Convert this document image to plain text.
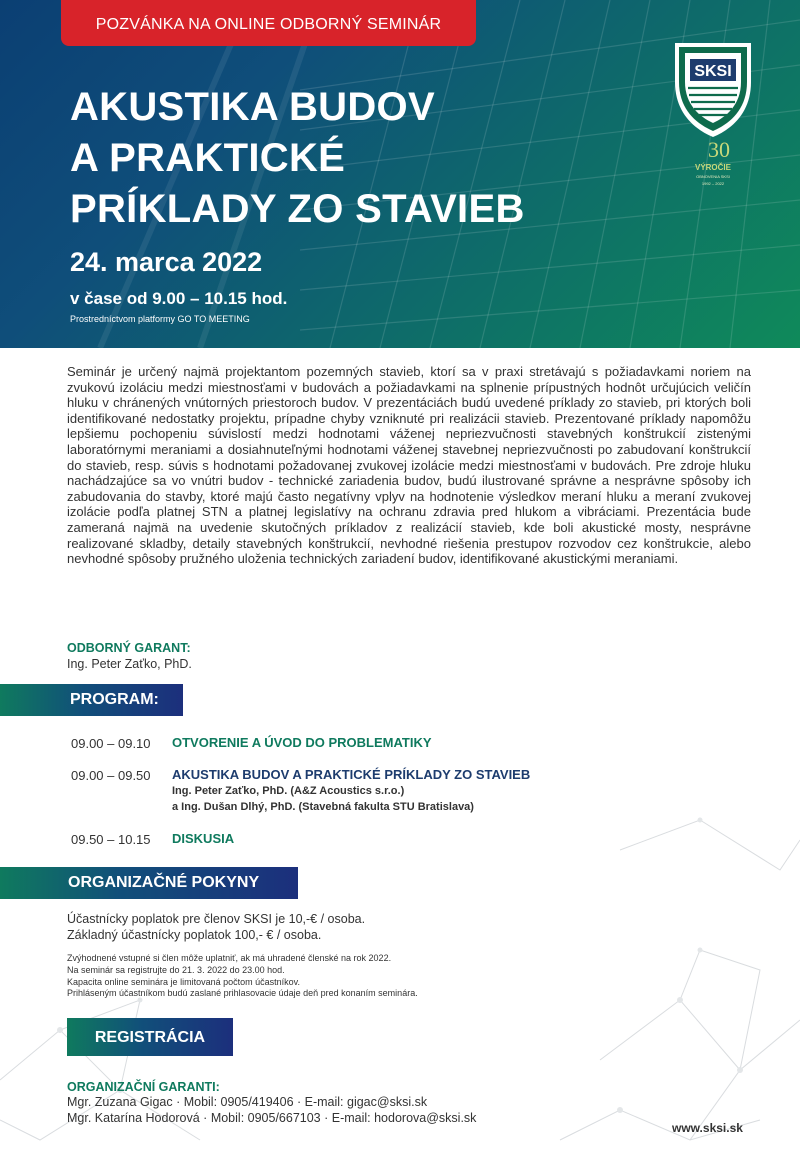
POZVÁNKA NA ONLINE ODBORNÝ SEMINÁR
AKUSTIKA BUDOV
A PRAKTICKÉ
PRÍKLADY ZO STAVIEB
24. marca 2022
v čase od 9.00 – 10.15 hod.
Prostredníctvom platformy GO TO MEETING
SKSI
30
VÝROČIE
OBNOVENIA SKSI
1992 – 2022

Seminár je určený najmä projektantom pozemných stavieb, ktorí sa v praxi stretávajú s požiadavkami noriem na zvukovú izoláciu medzi miestnosťami v budovách a požiadavkami na splnenie prípustných hodnôt určujúcich veličín hluku v chránených vnútorných priestoroch budov. V prezentáciách budú uvedené príklady zo stavieb, pri ktorých boli identifikované nedostatky projektu, prípadne chyby vzniknuté pri realizácii stavieb. Prezentované príklady napomôžu lepšiemu pochopeniu súvislostí medzi hodnotami váženej nepriezvučnosti stavebných konštrukcií zistenými laboratórnymi meraniami a dosiahnuteľnými hodnotami váženej stavebnej nepriezvučnosti po zabudovaní konštrukcií do stavieb, resp. súvis s hodnotami požadovanej zvukovej izolácie medzi miestnosťami v budovách. Pre zdroje hluku nachádzajúce sa vo vnútri budov - technické zariadenia budov, budú ilustrované správne a nesprávne spôsoby ich zabudovania do stavby, ktoré majú často negatívny vplyv na hodnotenie výsledkov meraní hluku a meraní zvukovej izolácie podľa platnej STN a platnej legislatívy na ochranu zdravia pred hlukom a vibráciami. Prezentácia bude zameraná najmä na uvedenie skutočných príkladov z realizácií stavieb, kde boli akustické mosty, nesprávne realizované skladby, detaily stavebných konštrukcií, nevhodné riešenia prestupov rozvodov cez konštrukcie, alebo nevhodné spôsoby pružného uloženia technických zariadení budov, identifikované akustickými meraniami.

ODBORNÝ GARANT:
Ing. Peter Zaťko, PhD.
PROGRAM:
09.00 – 09.10 OTVORENIE A ÚVOD DO PROBLEMATIKY
09.00 – 09.50 AKUSTIKA BUDOV A PRAKTICKÉ PRÍKLADY ZO STAVIEB
Ing. Peter Zaťko, PhD. (A&Z Acoustics s.r.o.)
a Ing. Dušan Dlhý, PhD. (Stavebná fakulta STU Bratislava)
09.50 – 10.15 DISKUSIA
ORGANIZAČNÉ POKYNY
Účastnícky poplatok pre členov SKSI je 10,-€ / osoba.
Základný účastnícky poplatok 100,- € / osoba.
Zvýhodnené vstupné si člen môže uplatniť, ak má uhradené členské na rok 2022.
Na seminár sa registrujte do 21. 3. 2022 do 23.00 hod.
Kapacita online seminára je limitovaná počtom účastníkov.
Prihláseným účastníkom budú zaslané prihlasovacie údaje deň pred konaním seminára.
REGISTRÁCIA
ORGANIZAČNÍ GARANTI:
Mgr. Zuzana Gigac · Mobil: 0905/419406 · E-mail: gigac@sksi.sk
Mgr. Katarína Hodorová · Mobil: 0905/667103 · E-mail: hodorova@sksi.sk
www.sksi.sk
